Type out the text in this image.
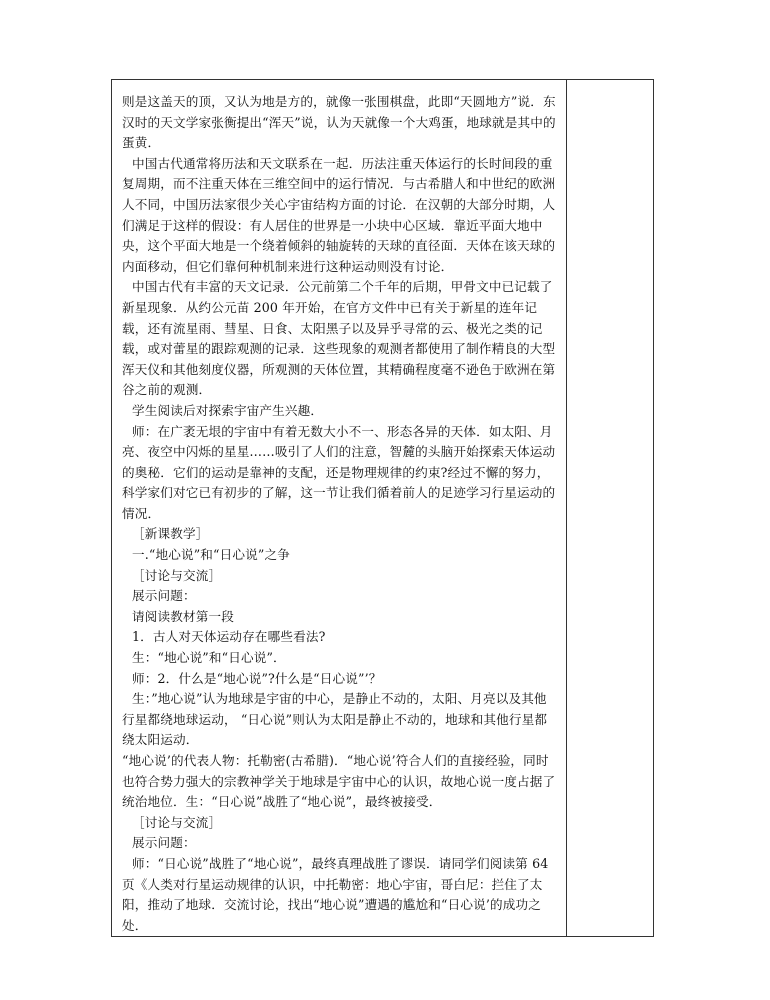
则是这盖天的顶，又认为地是方的，就像一张围棋盘，此即“天圆地方”说．东汉时的天文学家张衡提出“浑天”说，认为天就像一个大鸡蛋，地球就是其中的蛋黄．

中国古代通常将历法和天文联系在一起．历法注重天体运行的长时间段的重复周期，而不注重天体在三维空间中的运行情况．与古希腊人和中世纪的欧洲人不同，中国历法家很少关心宇宙结构方面的讨论．在汉朝的大部分时期，人们满足于这样的假设：有人居住的世界是一小块中心区域．靠近平面大地中央，这个平面大地是一个绕着倾斜的轴旋转的天球的直径面．天体在该天球的内面移动，但它们靠何种机制来进行这种运动则没有讨论．

中国古代有丰富的天文记录．公元前第二个千年的后期，甲骨文中已记载了新星现象．从约公元苗 200 年开始，在官方文件中已有关于新星的连年记载，还有流星雨、彗星、日食、太阳黑子以及异乎寻常的云、极光之类的记载，或对蕾星的跟踪观测的记录．这些现象的观测者都使用了制作精良的大型浑天仪和其他刻度仪器，所观测的天体位置，其精确程度毫不逊色于欧洲在第谷之前的观测．

学生阅读后对探索宇宙产生兴趣．

师：在广袤无垠的宇宙中有着无数大小不一、形态各异的天体．如太阳、月亮、夜空中闪烁的星星……吸引了人们的注意，智麓的头脑开始探索天体运动的奥秘．它们的运动是靠神的支配，还是物理规律的约束?经过不懈的努力，科学家们对它已有初步的了解，这一节让我们循着前人的足迹学习行星运动的情况．

［新课教学］

一.“地心说”和“日心说”之争

［讨论与交流］

展示问题：

请阅读教材第一段

1．古人对天体运动存在哪些看法?

生：“地心说”和“日心说”．

师：2．什么是“地心说”?什么是“日心说”’？

生：”地心说”认为地球是宇宙的中心，是静止不动的，太阳、月亮以及其他行星都绕地球运动， “日心说”则认为太阳是静止不动的，地球和其他行星都绕太阳运动．

“地心说’的代表人物：托勒密(古希腊)．“地心说’符合人们的直接经验，同时也符合势力强大的宗教神学关于地球是宇宙中心的认识，故地心说一度占据了统治地位．生：“日心说”战胜了“地心说”，最终被接受．

［讨论与交流］

展示问题：

师：“日心说”战胜了“地心说”，最终真理战胜了谬误．请同学们阅读第 64 页《人类对行星运动规律的认识，中托勒密：地心宇宙，哥白尼：拦住了太阳，推动了地球．交流讨论，找出“地心说”遭遇的尴尬和“日心说’的成功之处．
